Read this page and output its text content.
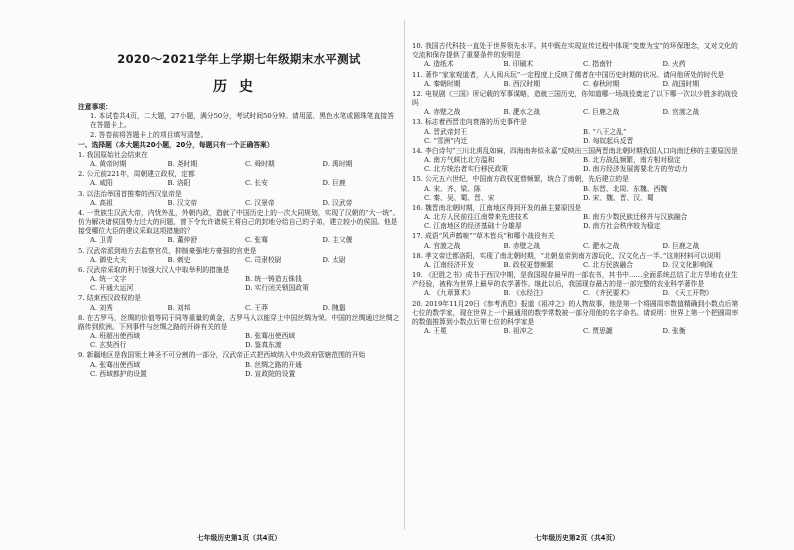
2020～2021学年上学期七年级期末水平测试
历史
注意事项：
1. 本试卷共4页，二大题，27小题，满分50分，考试时间50分钟。请用蓝、黑色水笔或圆珠笔直接答在答题卡上。
2. 答卷前将答题卡上的项目填写清楚。
一、选择题（本大题共20小题，20分，每题只有一个正确答案）
1. 我国原始社会结束在
A. 黄帝时期	B. 尧时期	C. 舜时期	D. 禹时期
2. 公元前221年，周朝建立政权，定都
A. 咸阳	B. 洛阳	C. 长安	D. 巨鹿
3. 以法治举国首推秦的西汉皇帝是
A. 高祖	B. 汉文帝	C. 汉景帝	D. 汉武帝
4. 一贵族生汉武大帝，内忧外乱，外朝内政，造就了中国历史上的一次大同规划，实现了汉朝的“大一统”。仿为解决诸侯国势力过大的问题，曾下令允许诸侯王将自己的封地分给自己的子弟，建立较小的侯国。他是接受哪位大臣的建议采取这项措施的？
A. 卫青	B. 董仲舒	C. 张骞	D. 主父偃
5. 汉武帝派到地方去监察官员，抑制豪强地方豪强的官吏是
A. 御史大夫	B. 刺史	C. 司隶校尉	D. 太尉
6. 汉武帝采取的利于加强大汉人中取举利的措施是
A. 统一文字	B. 统一铸造五铢钱
C. 开通大运河	D. 实行闭关锁国政策
7. 结束西汉政权的是
A. 刘秀	B. 刘邦	C. 王莽	D. 隗嚣
8. 在古罗马，丝绸的价值等同于同等重量的黄金，古罗马人以能穿上中国丝绸为荣。中国的丝绸通过丝绸之路传到欧洲。下列事件与丝绸之路的开辟有关的是
A. 班超出使西域	B. 张骞出使西域
C. 玄奘西行	D. 鉴真东渡
9. 新疆地区是我国领土神圣不可分割的一部分，汉武帝正式把西域纳入中央政府管辖范围的开始
A. 张骞出使西域	B. 丝绸之路的开通
C. 西域都护的设置	D. 宣政院的设置
七年级历史第1页（共4页）
10. 我国古代科技一直处于世界领先水平。其中既在实现宣传过程中体现“变废为宝”的环保理念，又对文化的交流和保存提供了重要条件的发明是
A. 造纸术	B. 印刷术	C. 指南针	D. 火药
11. 著作“家家观道者，人人阅兵玩”一定程度上反映了儒者在中国历史时期的状况。请问他所处的时代是
A. 秦朝时期	B. 西汉时期	C. 春秋时期	D. 战国时期
12. 电视剧《三国》所记载的军事谋略，造就三国历史，你知道哪一场战役奠定了以下哪一次以少胜多的战役吗
A. 赤壁之战	B. 淝水之战	C. 巨鹿之战	D. 官渡之战
13. 标志着西晋走向衰落的历史事件是
A. 晋武帝封王	B. “八王之乱”
C. “雪洲”内迁	D. 匈奴起兵反晋
14. 李白诗句“三川北虏乱如麻，四海南奔似永嘉”反映出三国两晋南北朝时期我国人口向南迁移的主要原因是
A. 南方气候比北方温和	B. 北方战乱频繁，南方相对稳定
C. 北方统治者实行移民政策	D. 南方经济发展需要北方的劳动力
15. 公元五六世纪，中国南方政权更替频繁，统合了南朝，先后建立的是
A. 宋、齐、梁、陈	B. 东晋、北周、东魏、西魏
C. 秦、吴、蜀、晋、宋	D. 宋、魏、晋、汉、蜀
16. 魏晋南北朝时期，江南地区得到开发的最主要原因是
A. 北方人民前往江南带来先进技术	B. 南方少数民族迁移并与汉族融合
C. 江南地区的经济基础十分雄厚	D. 南方社会秩序较为稳定
17. 成语“风声鹤唳”“草木皆兵”和哪个战役有关
A. 官渡之战	B. 赤壁之战	C. 淝水之战	D. 巨鹿之战
18. 孝文帝迁都洛阳，实现了南北朝时期，“北朝皇帝到南方游玩化，汉文化占一半。”这则材料可以说明
A. 江南经济开发	B. 政权更替频繁	C. 北方民族融合	D. 汉文化影响深
19. 《汜胜之书》成书于西汉中期，是我国现存最早的一部农书，其书中……全面系统总结了北方旱地农业生产经验，被称为世界上最早的农学著作。继此以后，我国现存最古的是一部完整的农业科学著作是
A. 《九章算术》	B. 《水经注》	C. 《齐民要术》	D. 《天工开物》
20. 2019年11月29日《参考消息》报道《祖冲之》的人物故事，他是第一个将圆周率数值精确到小数点后第七位的数学家，现在世界上一个最通用的数学常数被一部分用他的名字命名。请说明：世界上第一个把圆周率的数值推算到小数点后第七位的科学家是
A. 王冕	B. 祖冲之	C. 贾思勰	D. 张衡
七年级历史第2页（共4页）
